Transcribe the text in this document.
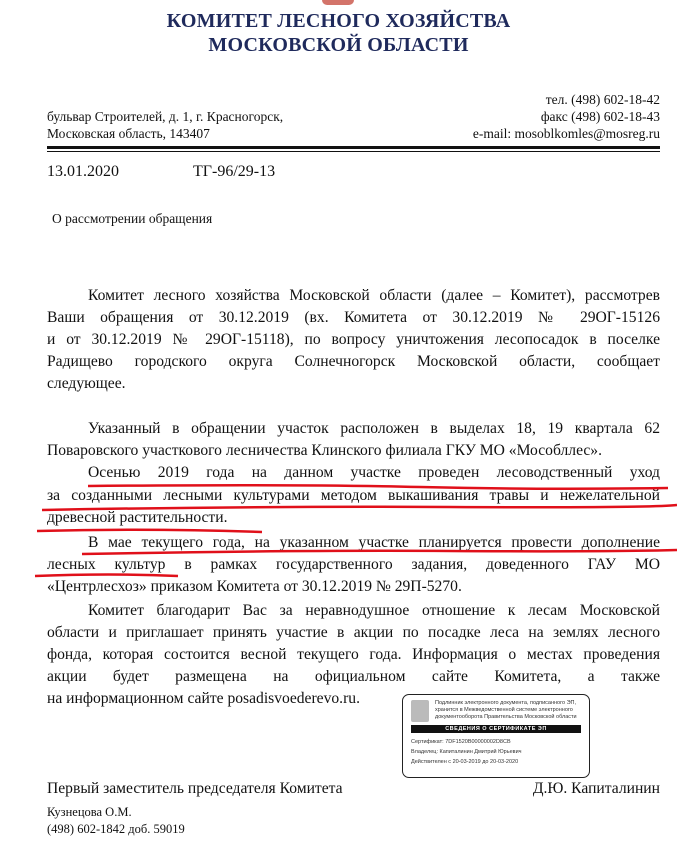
КОМИТЕТ ЛЕСНОГО ХОЗЯЙСТВА
МОСКОВСКОЙ ОБЛАСТИ
бульвар Строителей, д. 1, г. Красногорск,
Московская область, 143407
тел. (498) 602-18-42
факс (498) 602-18-43
e-mail: mosoblkomles@mosreg.ru
13.01.2020	ТГ-96/29-13
О рассмотрении обращения
Комитет лесного хозяйства Московской области (далее – Комитет), рассмотрев
Ваши обращения от 30.12.2019 (вх. Комитета от 30.12.2019 № 29ОГ-15126
и от 30.12.2019 № 29ОГ-15118), по вопросу уничтожения лесопосадок в поселке
Радищево городского округа Солнечногорск Московской области, сообщает
следующее.
Указанный в обращении участок расположен в выделах 18, 19 квартала 62
Поваровского участкового лесничества Клинского филиала ГКУ МО «Мособллес».
Осенью 2019 года на данном участке проведен лесоводственный уход
за созданными лесными культурами методом выкашивания травы и нежелательной
древесной растительности.
В мае текущего года, на указанном участке планируется провести дополнение
лесных культур в рамках государственного задания, доведенного ГАУ МО
«Центрлесхоз» приказом Комитета от 30.12.2019 № 29П-5270.
Комитет благодарит Вас за неравнодушное отношение к лесам Московской
области и приглашает принять участие в акции по посадке леса на землях лесного
фонда, которая состоится весной текущего года. Информация о местах проведения
акции будет размещена на официальном сайте Комитета, а также
на информационном сайте posadisvoederevo.ru.	Подлинник электронного документа, подписанного ЭП, хранится в Межведомственной системе электронного документооборота Правительства Московской области
СВЕДЕНИЯ О СЕРТИФИКАТЕ ЭП
Сертификат: 7DF1520B00000002D8CB
Владелец: Капиталинин Дмитрий Юрьевич
Действителен с 20-03-2019 до 20-03-2020
Первый заместитель председателя Комитета	Д.Ю. Капиталинин
Кузнецова О.М.
(498) 602-1842 доб. 59019
